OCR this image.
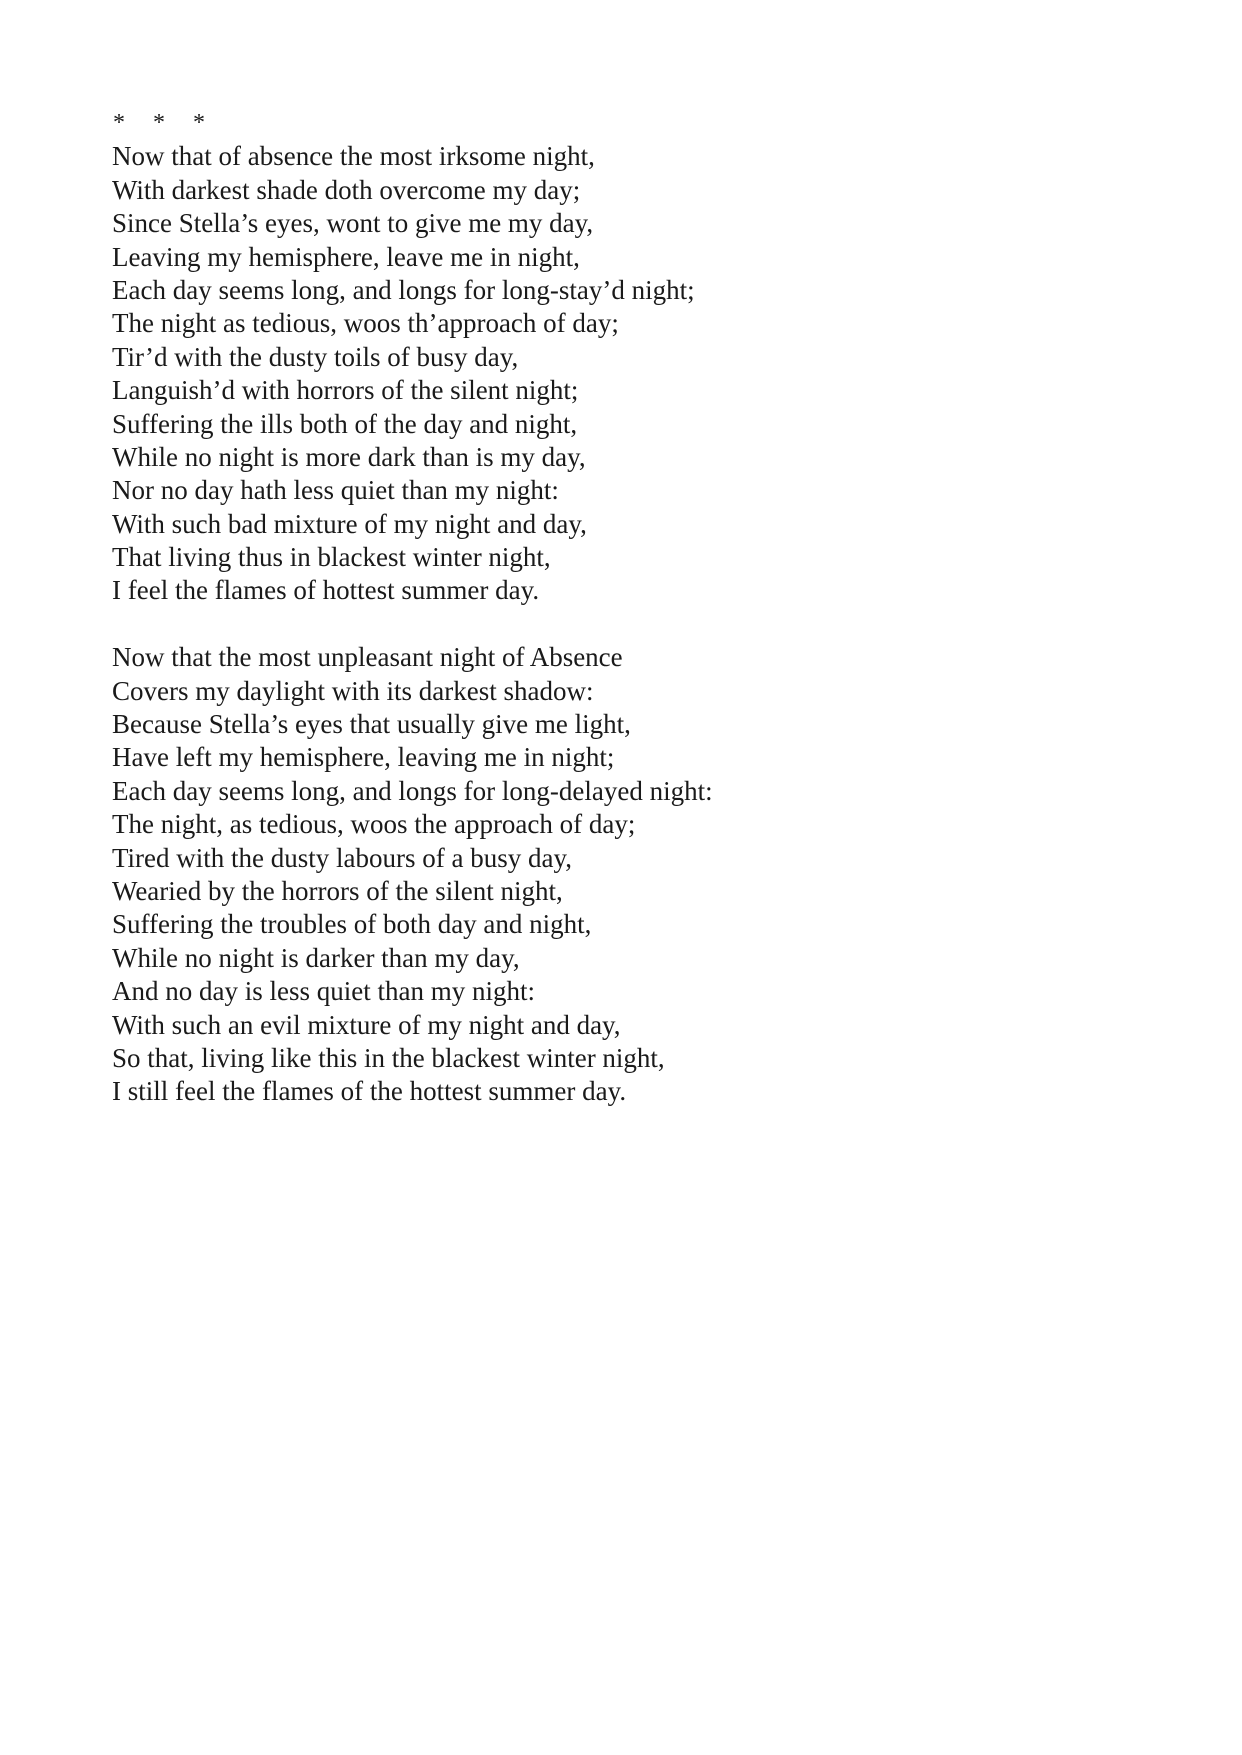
* * *
Now that of absence the most irksome night,
With darkest shade doth overcome my day;
Since Stella’s eyes, wont to give me my day,
Leaving my hemisphere, leave me in night,
Each day seems long, and longs for long-stay’d night;
The night as tedious, woos th’approach of day;
Tir’d with the dusty toils of busy day,
Languish’d with horrors of the silent night;
Suffering the ills both of the day and night,
While no night is more dark than is my day,
Nor no day hath less quiet than my night:
With such bad mixture of my night and day,
That living thus in blackest winter night,
I feel the flames of hottest summer day.
Now that the most unpleasant night of Absence
Covers my daylight with its darkest shadow:
Because Stella’s eyes that usually give me light,
Have left my hemisphere, leaving me in night;
Each day seems long, and longs for long-delayed night:
The night, as tedious, woos the approach of day;
Tired with the dusty labours of a busy day,
Wearied by the horrors of the silent night,
Suffering the troubles of both day and night,
While no night is darker than my day,
And no day is less quiet than my night:
With such an evil mixture of my night and day,
So that, living like this in the blackest winter night,
I still feel the flames of the hottest summer day.
